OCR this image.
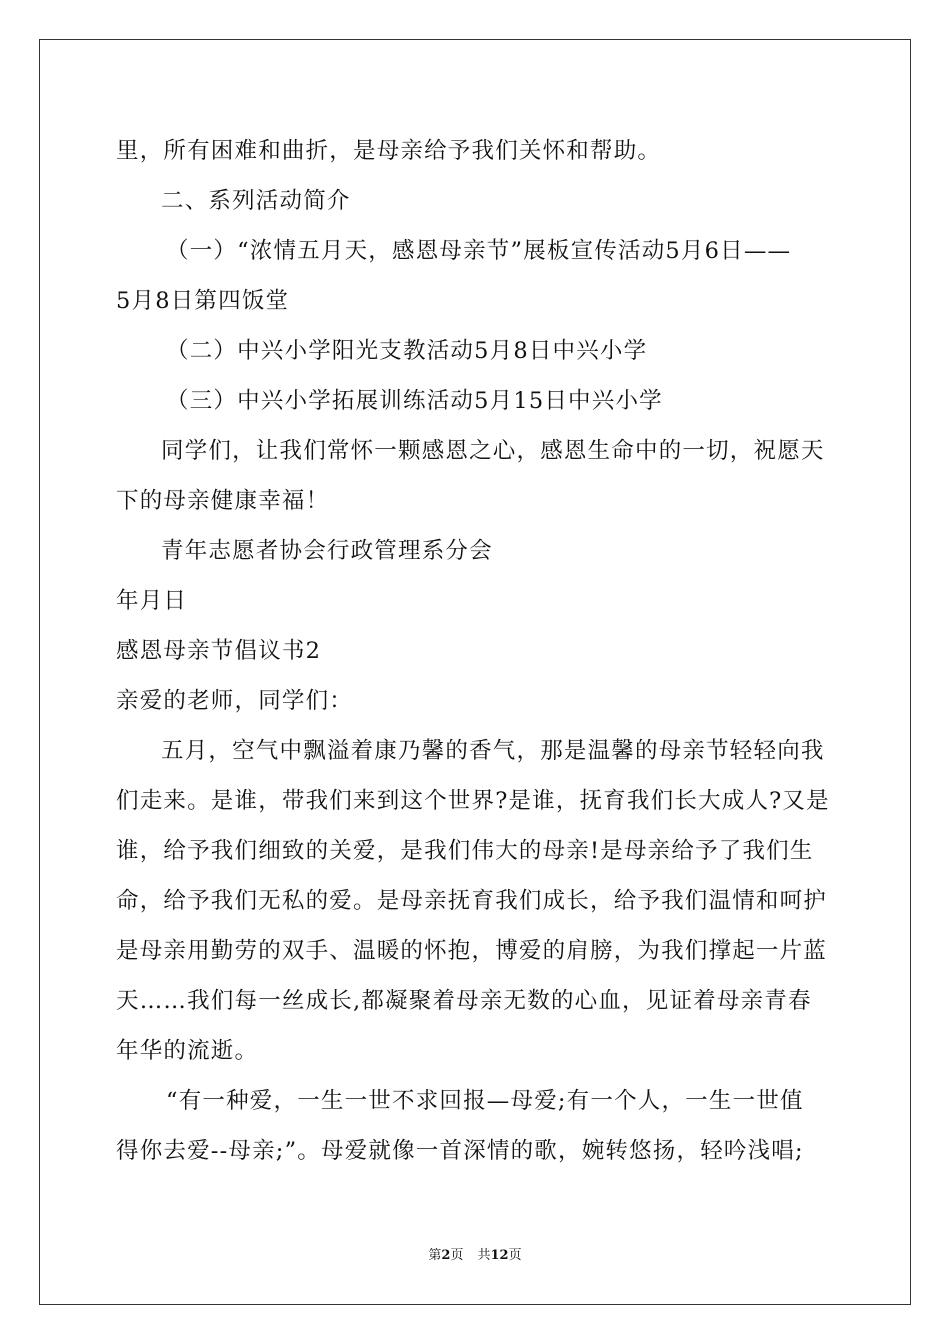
里，所有困难和曲折，是母亲给予我们关怀和帮助。
二、系列活动简介
（一）“浓情五月天，感恩母亲节”展板宣传活动5月6日——
5月8日第四饭堂
（二）中兴小学阳光支教活动5月8日中兴小学
（三）中兴小学拓展训练活动5月15日中兴小学
同学们，让我们常怀一颗感恩之心，感恩生命中的一切，祝愿天
下的母亲健康幸福！
青年志愿者协会行政管理系分会
年月日
感恩母亲节倡议书2
亲爱的老师，同学们：
五月，空气中飘溢着康乃馨的香气，那是温馨的母亲节轻轻向我
们走来。是谁，带我们来到这个世界?是谁，抚育我们长大成人?又是
谁，给予我们细致的关爱，是我们伟大的母亲!是母亲给予了我们生
命，给予我们无私的爱。是母亲抚育我们成长，给予我们温情和呵护
是母亲用勤劳的双手、温暖的怀抱，博爱的肩膀，为我们撑起一片蓝
天……我们每一丝成长,都凝聚着母亲无数的心血，见证着母亲青春
年华的流逝。
“有一种爱，一生一世不求回报—母爱;有一个人，一生一世值
得你去爱--母亲;”。母爱就像一首深情的歌，婉转悠扬，轻吟浅唱;
第2页 共12页
